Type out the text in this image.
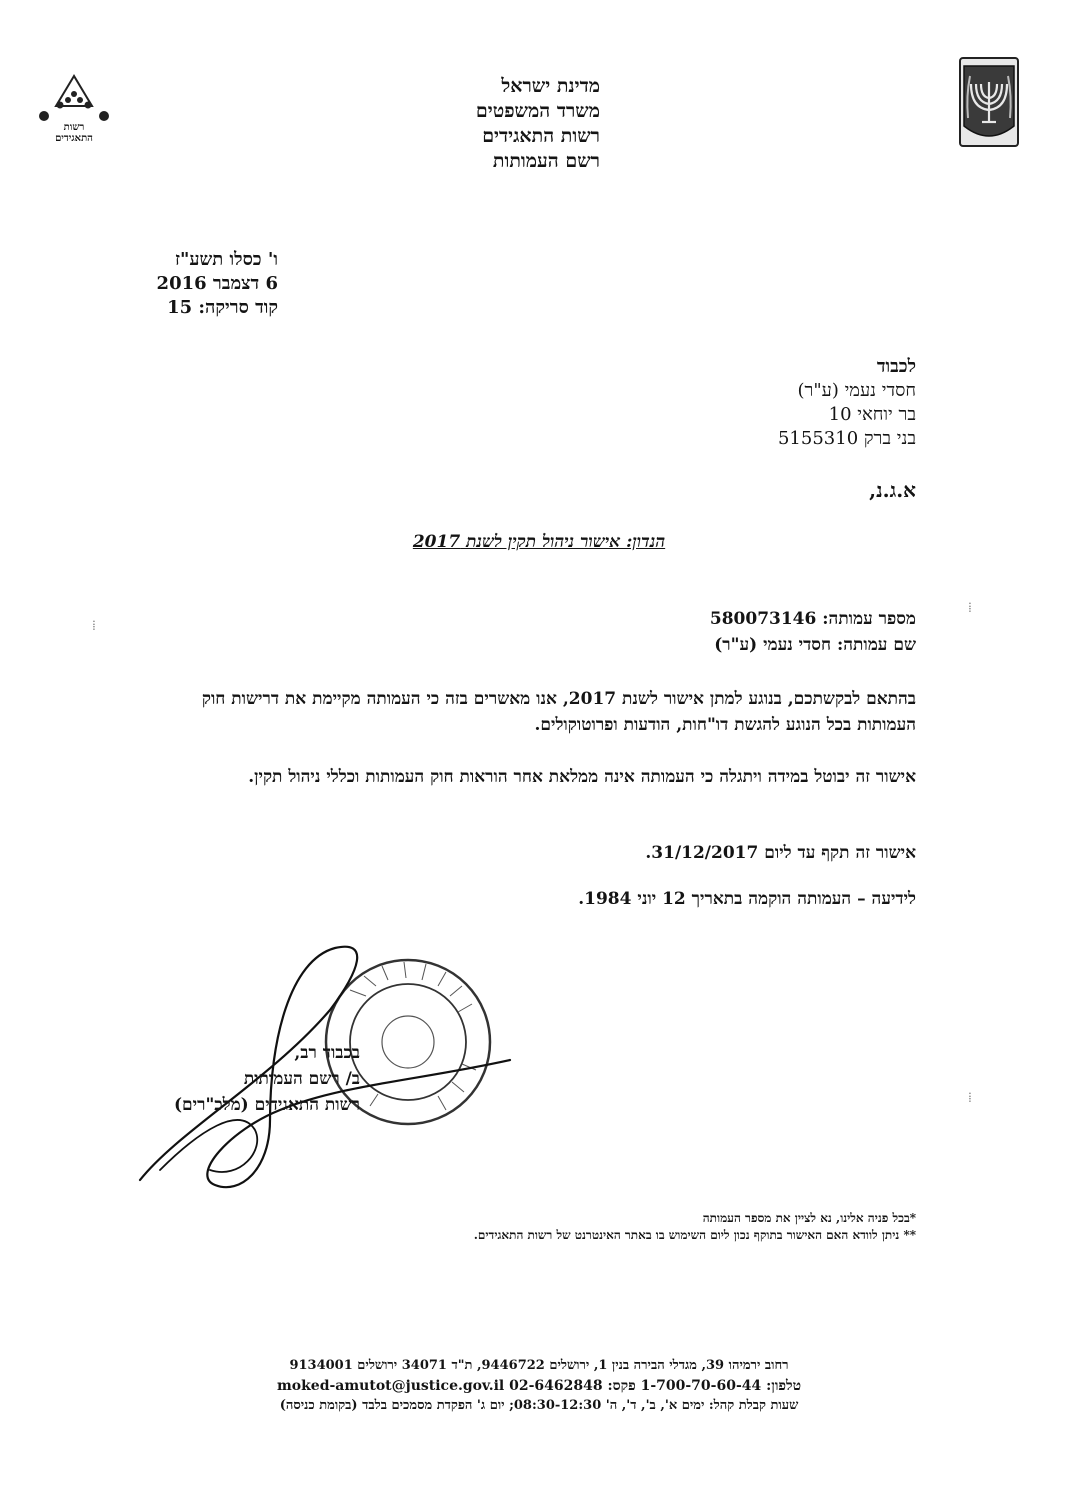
רשות
התאגידים
מדינת ישראל
משרד המשפטים
רשות התאגידים
רשם העמותות
ו' כסלו תשע"ז
6 דצמבר 2016
קוד סריקה: 15
לכבוד
חסדי נעמי (ע"ר)
בר יוחאי 10
בני ברק 5155310
א.ג.נ,
הנדון: אישור ניהול תקין לשנת 2017
מספר עמותה: 580073146
שם עמותה: חסדי נעמי (ע"ר)
בהתאם לבקשתכם, בנוגע למתן אישור לשנת 2017, אנו מאשרים בזה כי העמותה מקיימת את דרישות חוק העמותות בכל הנוגע להגשת דו"חות, הודעות ופרוטוקולים.
אישור זה יבוטל במידה ויתגלה כי העמותה אינה ממלאת אחר הוראות חוק העמותות וכללי ניהול תקין.
אישור זה תקף עד ליום 31/12/2017.
לידיעה – העמותה הוקמה בתאריך 12 יוני 1984.
בכבוד רב,
ב/ רשם העמותות
רשות התאגידים (מלכ"רים)
*בכל פניה אלינו, נא לציין את מספר העמותה
** ניתן לוודא האם האישור בתוקף נכון ליום השימוש בו באתר האינטרנט של רשות התאגידים.
רחוב ירמיהו 39, מגדלי הבירה בנין 1, ירושלים 9446722, ת"ד 34071 ירושלים 9134001
טלפון: 1-700-70-60-44 פקס: 02-6462848 moked-amutot@justice.gov.il
שעות קבלת קהל: ימים א', ב', ד', ה' 08:30-12:30; יום ג' הפקדת מסמכים בלבד (בקומת כניסה)
⁞
⁞
⁞
